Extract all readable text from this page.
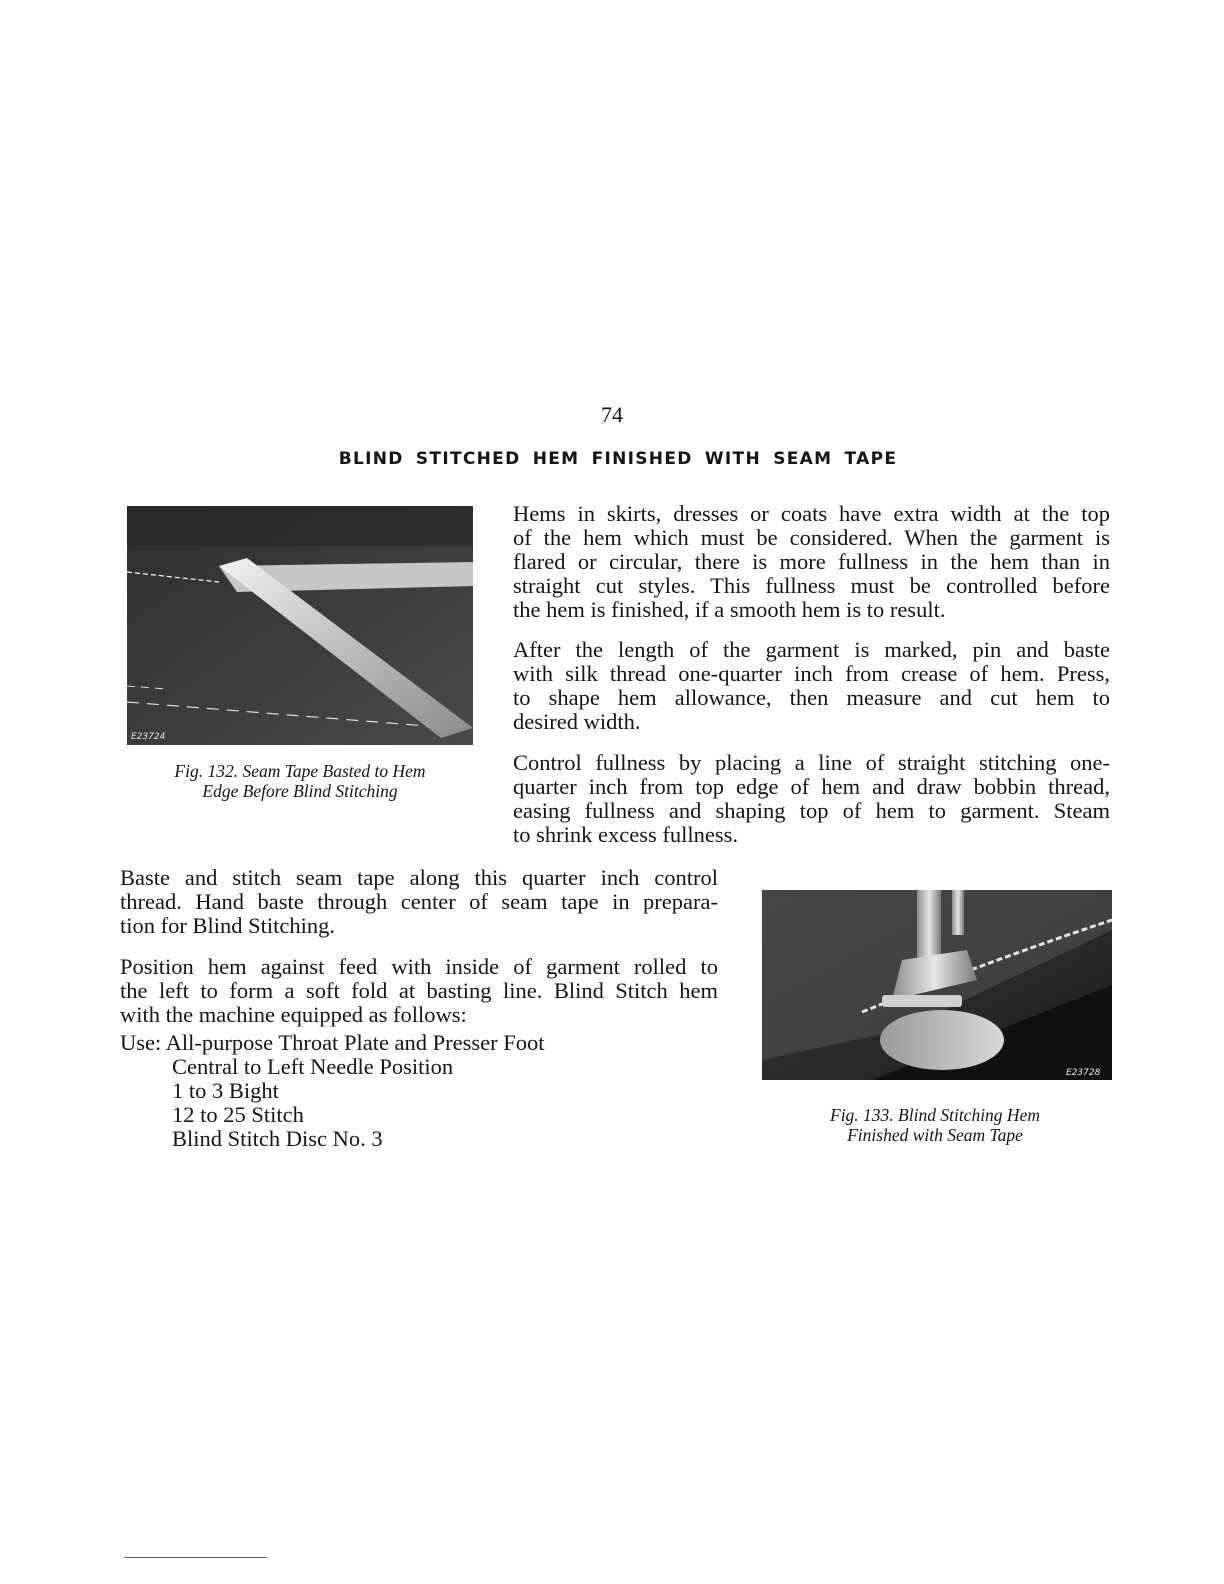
74
BLIND STITCHED HEM FINISHED WITH SEAM TAPE
E23724
Fig. 132. Seam Tape Basted to Hem
Edge Before Blind Stitching
Hems in skirts, dresses or coats have extra width at the top
of the hem which must be considered. When the garment is
flared or circular, there is more fullness in the hem than in
straight cut styles. This fullness must be controlled before
the hem is finished, if a smooth hem is to result.
After the length of the garment is marked, pin and baste
with silk thread one-quarter inch from crease of hem. Press,
to shape hem allowance, then measure and cut hem to
desired width.
Control fullness by placing a line of straight stitching one-
quarter inch from top edge of hem and draw bobbin thread,
easing fullness and shaping top of hem to garment. Steam
to shrink excess fullness.
Baste and stitch seam tape along this quarter inch control
thread. Hand baste through center of seam tape in prepara-
tion for Blind Stitching.
Position hem against feed with inside of garment rolled to
the left to form a soft fold at basting line. Blind Stitch hem
with the machine equipped as follows:
Use: All-purpose Throat Plate and Presser Foot
Central to Left Needle Position
1 to 3 Bight
12 to 25 Stitch
Blind Stitch Disc No. 3
E23728
Fig. 133. Blind Stitching Hem
Finished with Seam Tape
